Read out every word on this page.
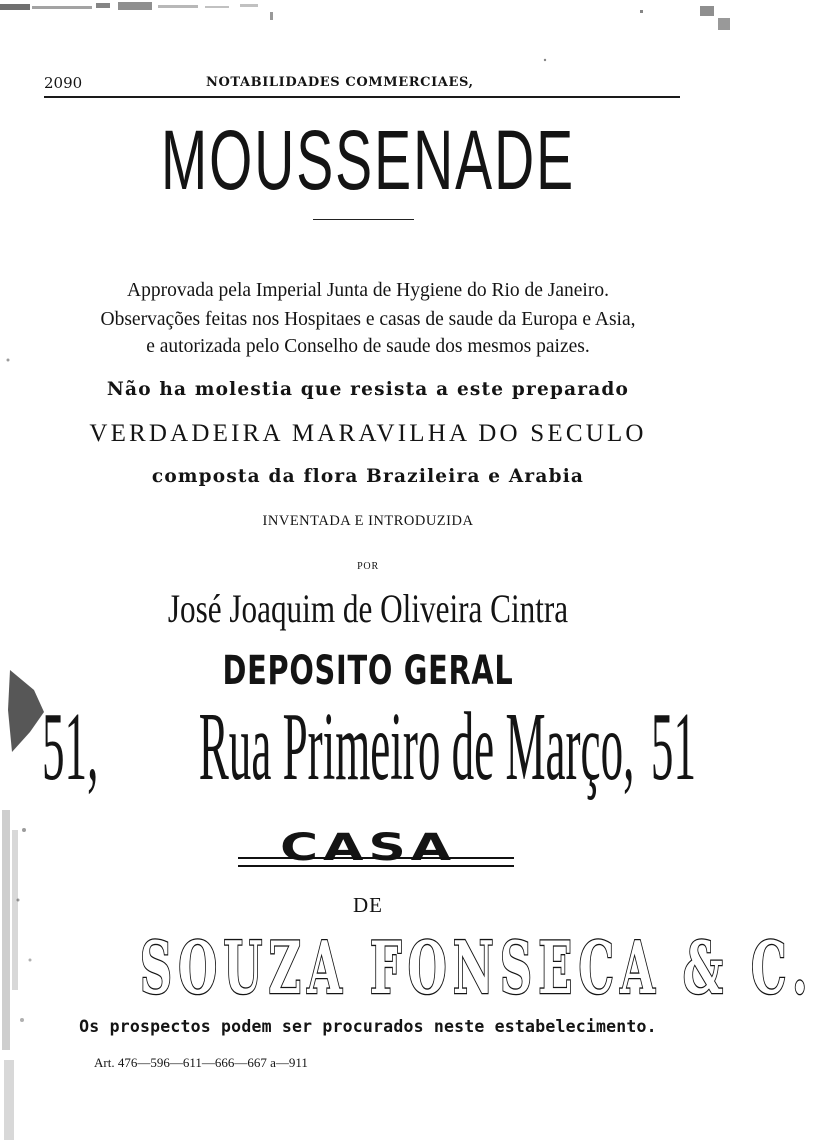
2090	NOTABILIDADES COMMERCIAES,
MOUSSENADE
Approvada pela Imperial Junta de Hygiene do Rio de Janeiro.
Observações feitas nos Hospitaes e casas de saude da Europa e Asia,
e autorizada pelo Conselho de saude dos mesmos paizes.
Não ha molestia que resista a este preparado
VERDADEIRA MARAVILHA DO SECULO
composta da flora Brazileira e Arabia
INVENTADA E INTRODUZIDA
POR
José Joaquim de Oliveira Cintra
DEPOSITO GERAL
51, Rua Primeiro de Março, 51
CASA
DE
SOUZA FONSECA & C.
Os prospectos podem ser procurados neste estabelecimento.
Art. 476—596—611—666—667 a—911
